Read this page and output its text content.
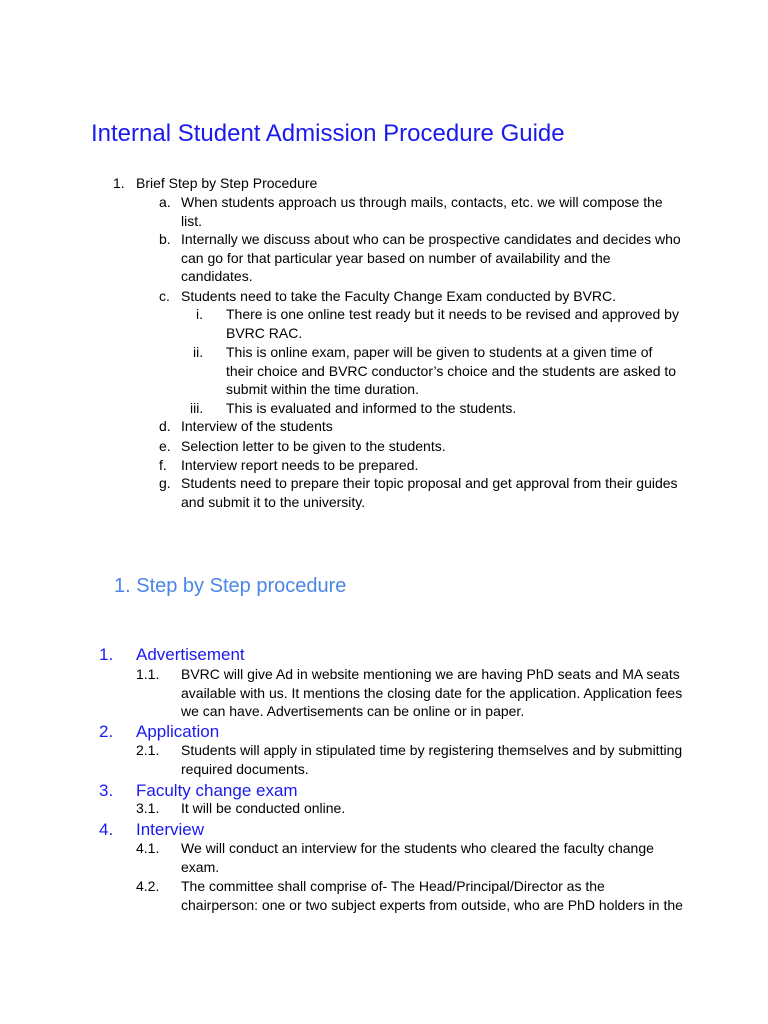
Internal Student Admission Procedure Guide
1. Brief Step by Step Procedure
a. When students approach us through mails, contacts, etc. we will compose the list.
b. Internally we discuss about who can be prospective candidates and decides who can go for that particular year based on number of availability and the candidates.
c. Students need to take the Faculty Change Exam conducted by BVRC.
i. There is one online test ready but it needs to be revised and approved by BVRC RAC.
ii. This is online exam, paper will be given to students at a given time of their choice and BVRC conductor’s choice and the students are asked to submit within the time duration.
iii. This is evaluated and informed to the students.
d. Interview of the students
e. Selection letter to be given to the students.
f. Interview report needs to be prepared.
g. Students need to prepare their topic proposal and get approval from their guides and submit it to the university.
1. Step by Step procedure
1. Advertisement
1.1. BVRC will give Ad in website mentioning we are having PhD seats and MA seats available with us. It mentions the closing date for the application. Application fees we can have. Advertisements can be online or in paper.
2. Application
2.1. Students will apply in stipulated time by registering themselves and by submitting required documents.
3. Faculty change exam
3.1. It will be conducted online.
4. Interview
4.1. We will conduct an interview for the students who cleared the faculty change exam.
4.2. The committee shall comprise of- The Head/Principal/Director as the chairperson: one or two subject experts from outside, who are PhD holders in the
